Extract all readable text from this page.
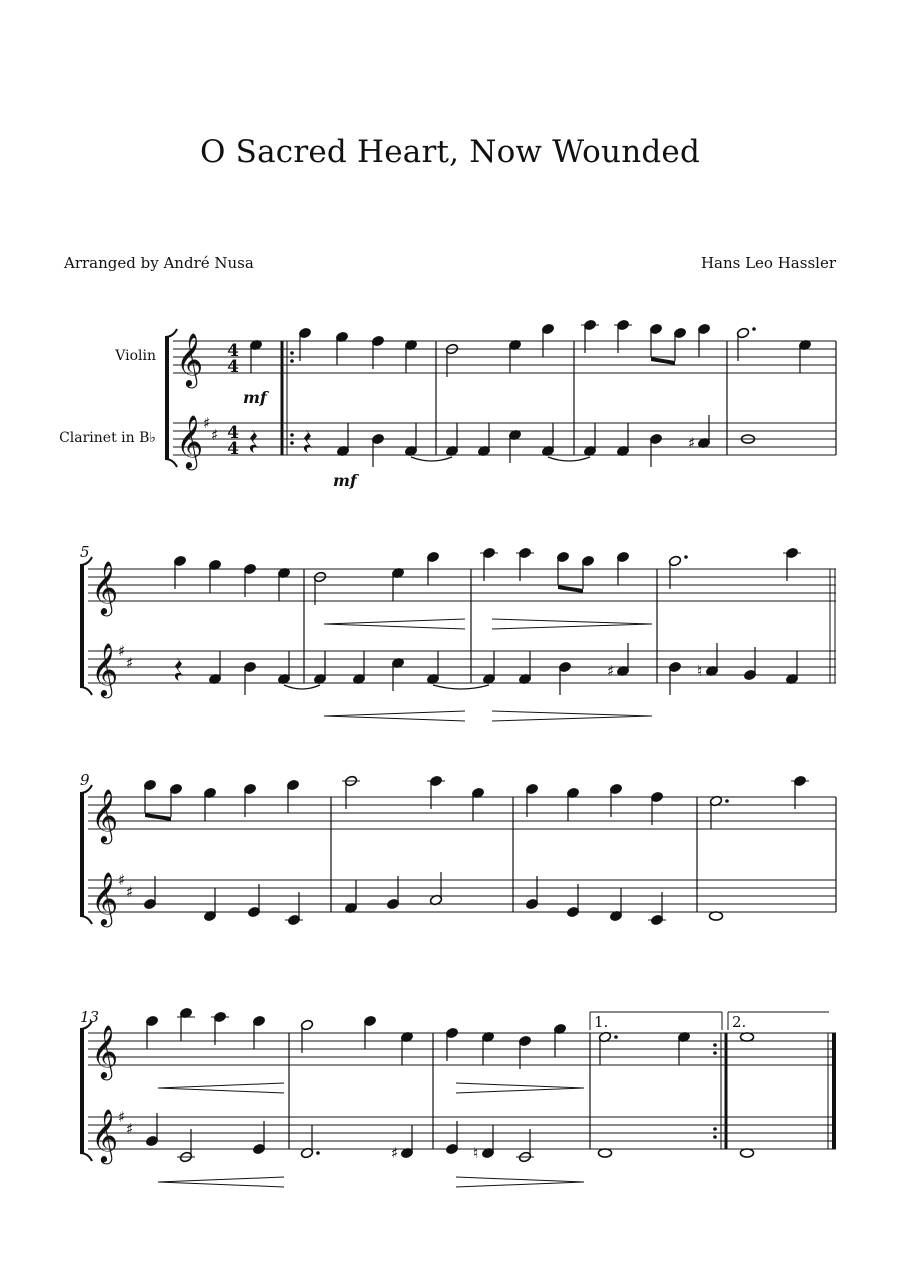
O Sacred Heart, Now Wounded
Arranged by André Nusa	Hans Leo Hassler
Violin
Clarinet in B♭
5
9
13
mf
mf
1.	2.
𝄞
𝄞
4
4
♯
♯ 4
4	♯
𝄞
𝄞 ♯
♯	♯	♮
𝄞
𝄞 ♯
♯
𝄞
𝄞 ♯
♯
♯	♮
